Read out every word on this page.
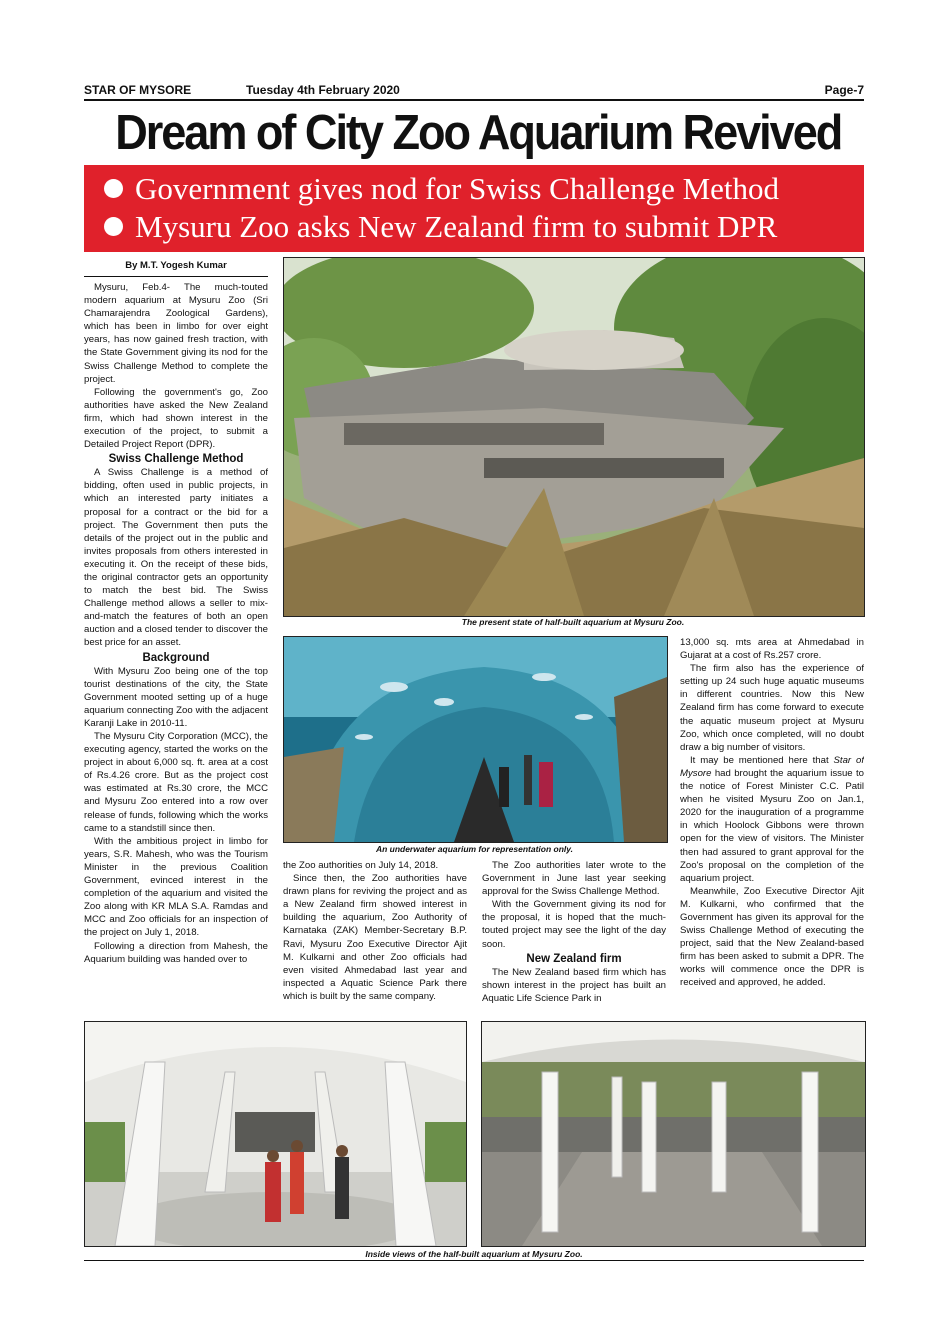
STAR OF MYSORE	Tuesday 4th February 2020	Page-7
Dream of City Zoo Aquarium Revived
Government gives nod for Swiss Challenge Method
Mysuru Zoo asks New Zealand firm to submit DPR
By M.T. Yogesh Kumar

Mysuru, Feb.4- The much-touted modern aquarium at Mysuru Zoo (Sri Chamarajendra Zoological Gardens), which has been in limbo for over eight years, has now gained fresh traction, with the State Government giving its nod for the Swiss Challenge Method to complete the project.

Following the government's go, Zoo authorities have asked the New Zealand firm, which had shown interest in the execution of the project, to submit a Detailed Project Report (DPR).

Swiss Challenge Method

A Swiss Challenge is a method of bidding, often used in public projects, in which an interested party initiates a proposal for a contract or the bid for a project. The Government then puts the details of the project out in the public and invites proposals from others interested in executing it. On the receipt of these bids, the original contractor gets an opportunity to match the best bid. The Swiss Challenge method allows a seller to mix-and-match the features of both an open auction and a closed tender to discover the best price for an asset.

Background

With Mysuru Zoo being one of the top tourist destinations of the city, the State Government mooted setting up of a huge aquarium connecting Zoo with the adjacent Karanji Lake in 2010-11.

The Mysuru City Corporation (MCC), the executing agency, started the works on the project in about 6,000 sq. ft. area at a cost of Rs.4.26 crore. But as the project cost was estimated at Rs.30 crore, the MCC and Mysuru Zoo entered into a row over release of funds, following which the works came to a standstill since then.

With the ambitious project in limbo for years, S.R. Mahesh, who was the Tourism Minister in the previous Coalition Government, evinced interest in the completion of the aquarium and visited the Zoo along with KR MLA S.A. Ramdas and MCC and Zoo officials for an inspection of the project on July 1, 2018.

Following a direction from Mahesh, the Aquarium building was handed over to

The present state of half-built aquarium at Mysuru Zoo.
An underwater aquarium for representation only.

the Zoo authorities on July 14, 2018.

Since then, the Zoo authorities have drawn plans for reviving the project and as a New Zealand firm showed interest in building the aquarium, Zoo Authority of Karnataka (ZAK) Member-Secretary B.P. Ravi, Mysuru Zoo Executive Director Ajit M. Kulkarni and other Zoo officials had even visited Ahmedabad last year and inspected a Aquatic Science Park there which is built by the same company.

The Zoo authorities later wrote to the Government in June last year seeking approval for the Swiss Challenge Method.

With the Government giving its nod for the proposal, it is hoped that the much-touted project may see the light of the day soon.

New Zealand firm

The New Zealand based firm which has shown interest in the project has built an Aquatic Life Science Park in

13,000 sq. mts area at Ahmedabad in Gujarat at a cost of Rs.257 crore.

The firm also has the experience of setting up 24 such huge aquatic museums in different countries. Now this New Zealand firm has come forward to execute the aquatic museum project at Mysuru Zoo, which once completed, will no doubt draw a big number of visitors.

It may be mentioned here that Star of Mysore had brought the aquarium issue to the notice of Forest Minister C.C. Patil when he visited Mysuru Zoo on Jan.1, 2020 for the inauguration of a programme in which Hoolock Gibbons were thrown open for the view of visitors. The Minister then had assured to grant approval for the Zoo's proposal on the completion of the aquarium project.

Meanwhile, Zoo Executive Director Ajit M. Kulkarni, who confirmed that the Government has given its approval for the Swiss Challenge Method of executing the project, said that the New Zealand-based firm has been asked to submit a DPR. The works will commence once the DPR is received and approved, he added.

Inside views of the half-built aquarium at Mysuru Zoo.
